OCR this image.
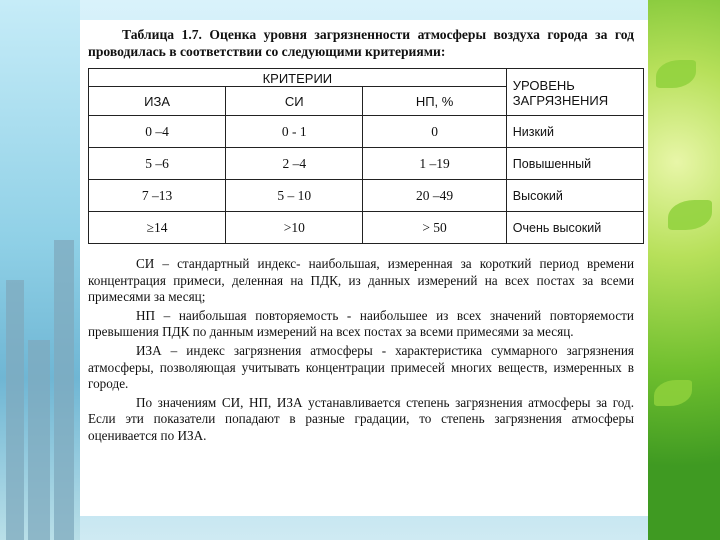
Таблица 1.7. Оценка уровня загрязненности атмосферы воздуха города за год проводилась в соответствии со следующими критериями:

КРИТЕРИИ			УРОВЕНЬ ЗАГРЯЗНЕНИЯ
ИЗА	СИ	НП, %	
0 –4	0 - 1	0	Низкий
5 –6	2 –4	1 –19	Повышенный
7 –13	5 – 10	20 –49	Высокий
≥14	>10	> 50	Очень высокий

СИ – стандартный индекс- наибольшая, измеренная за короткий период времени концентрация примеси, деленная на ПДК, из данных измерений на всех постах за всеми примесями за месяц;

НП – наибольшая повторяемость - наибольшее из всех значений повторяемости превышения ПДК по данным измерений на всех постах за всеми примесями за месяц.

ИЗА – индекс загрязнения атмосферы - характеристика суммарного загрязнения атмосферы, позволяющая учитывать концентрации примесей многих веществ, измеренных в городе.

По значениям СИ, НП, ИЗА устанавливается степень загрязнения атмосферы за год. Если эти показатели попадают в разные градации, то степень загрязнения атмосферы оценивается по ИЗА.
